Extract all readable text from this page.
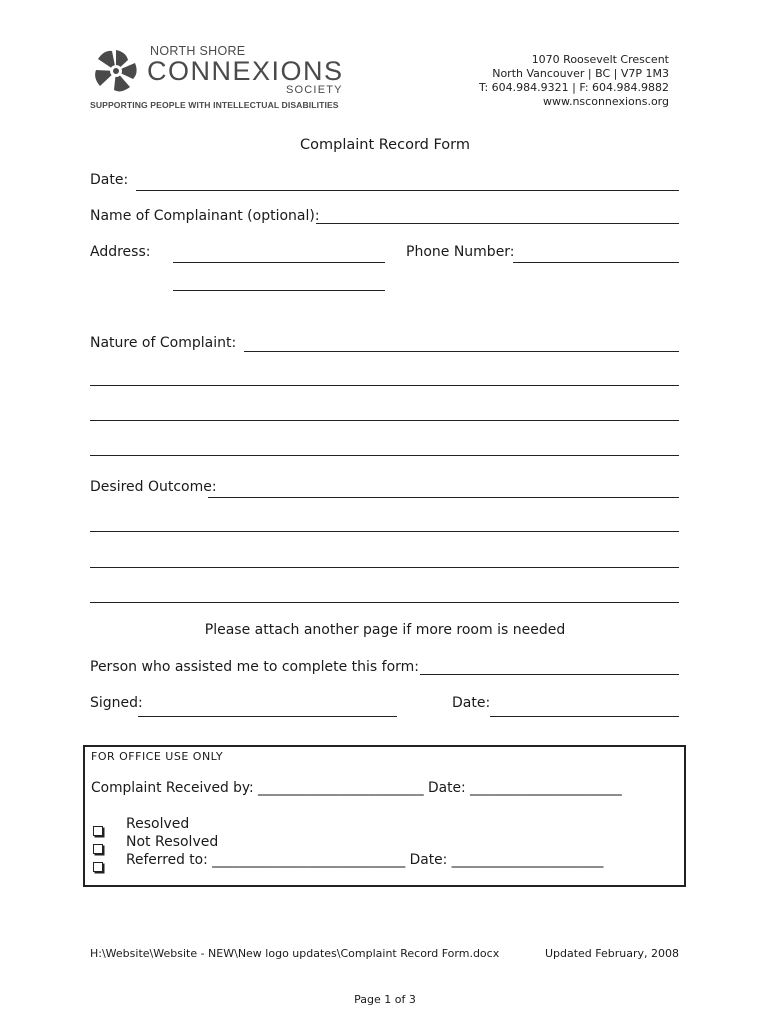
NORTH SHORE
CONNEXIONS
SOCIETY
SUPPORTING PEOPLE WITH INTELLECTUAL DISABILITIES
1070 Roosevelt Crescent
North Vancouver | BC | V7P 1M3
T: 604.984.9321 | F: 604.984.9882
www.nsconnexions.org
Complaint Record Form
Date:
Name of Complainant (optional):
Address:	Phone Number:
Nature of Complaint:
Desired Outcome:
Please attach another page if more room is needed
Person who assisted me to complete this form:
Signed:	Date:
FOR OFFICE USE ONLY
Complaint Received by: ________________________ Date: ______________________
Resolved
Not Resolved
Referred to: ____________________________ Date: ______________________
H:\Website\Website - NEW\New logo updates\Complaint Record Form.docx	Updated February, 2008
Page 1 of 3
